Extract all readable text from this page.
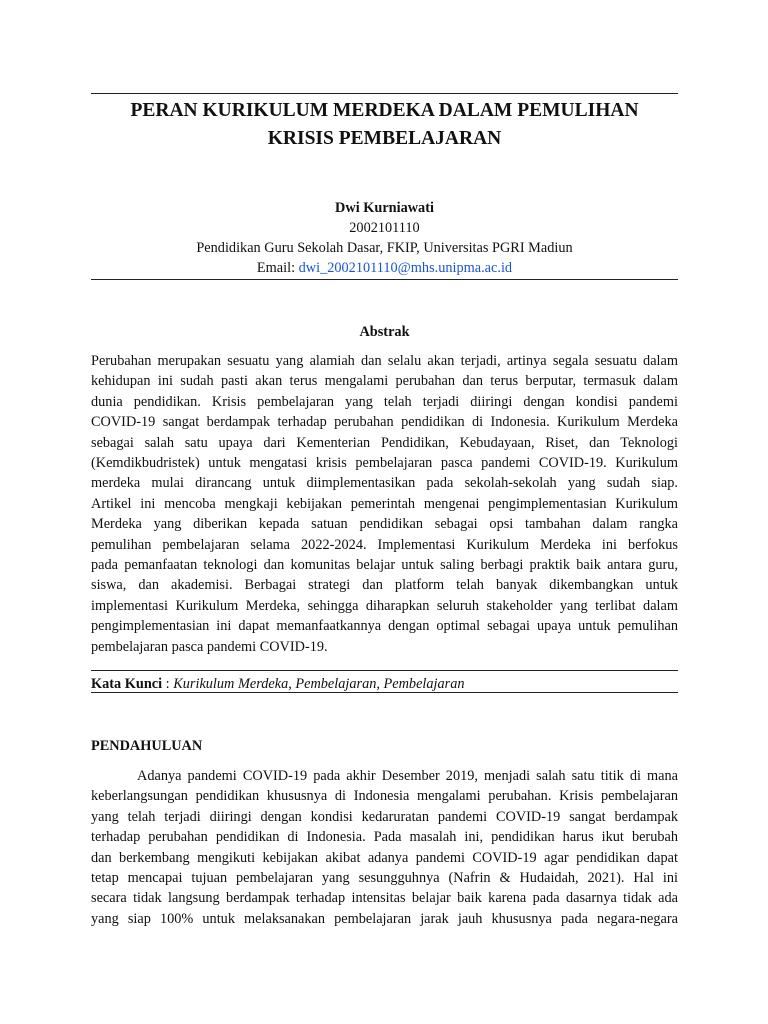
PERAN KURIKULUM MERDEKA DALAM PEMULIHAN
KRISIS PEMBELAJARAN
Dwi Kurniawati
2002101110
Pendidikan Guru Sekolah Dasar, FKIP, Universitas PGRI Madiun
Email: dwi_2002101110@mhs.unipma.ac.id
Abstrak
Perubahan merupakan sesuatu yang alamiah dan selalu akan terjadi, artinya segala sesuatu dalam
kehidupan ini sudah pasti akan terus mengalami perubahan dan terus berputar, termasuk dalam
dunia pendidikan. Krisis pembelajaran yang telah terjadi diiringi dengan kondisi pandemi
COVID-19 sangat berdampak terhadap perubahan pendidikan di Indonesia. Kurikulum Merdeka
sebagai salah satu upaya dari Kementerian Pendidikan, Kebudayaan, Riset, dan Teknologi
(Kemdikbudristek) untuk mengatasi krisis pembelajaran pasca pandemi COVID-19. Kurikulum
merdeka mulai dirancang untuk diimplementasikan pada sekolah-sekolah yang sudah siap.
Artikel ini mencoba mengkaji kebijakan pemerintah mengenai pengimplementasian Kurikulum
Merdeka yang diberikan kepada satuan pendidikan sebagai opsi tambahan dalam rangka
pemulihan pembelajaran selama 2022-2024. Implementasi Kurikulum Merdeka ini berfokus
pada pemanfaatan teknologi dan komunitas belajar untuk saling berbagi praktik baik antara guru,
siswa, dan akademisi. Berbagai strategi dan platform telah banyak dikembangkan untuk
implementasi Kurikulum Merdeka, sehingga diharapkan seluruh stakeholder yang terlibat dalam
pengimplementasian ini dapat memanfaatkannya dengan optimal sebagai upaya untuk pemulihan
pembelajaran pasca pandemi COVID-19.
Kata Kunci : Kurikulum Merdeka, Pembelajaran, Pembelajaran
PENDAHULUAN
Adanya pandemi COVID-19 pada akhir Desember 2019, menjadi salah satu titik di mana
keberlangsungan pendidikan khususnya di Indonesia mengalami perubahan. Krisis pembelajaran
yang telah terjadi diiringi dengan kondisi kedaruratan pandemi COVID-19 sangat berdampak
terhadap perubahan pendidikan di Indonesia. Pada masalah ini, pendidikan harus ikut berubah
dan berkembang mengikuti kebijakan akibat adanya pandemi COVID-19 agar pendidikan dapat
tetap mencapai tujuan pembelajaran yang sesungguhnya (Nafrin & Hudaidah, 2021). Hal ini
secara tidak langsung berdampak terhadap intensitas belajar baik karena pada dasarnya tidak ada
yang siap 100% untuk melaksanakan pembelajaran jarak jauh khususnya pada negara-negara
